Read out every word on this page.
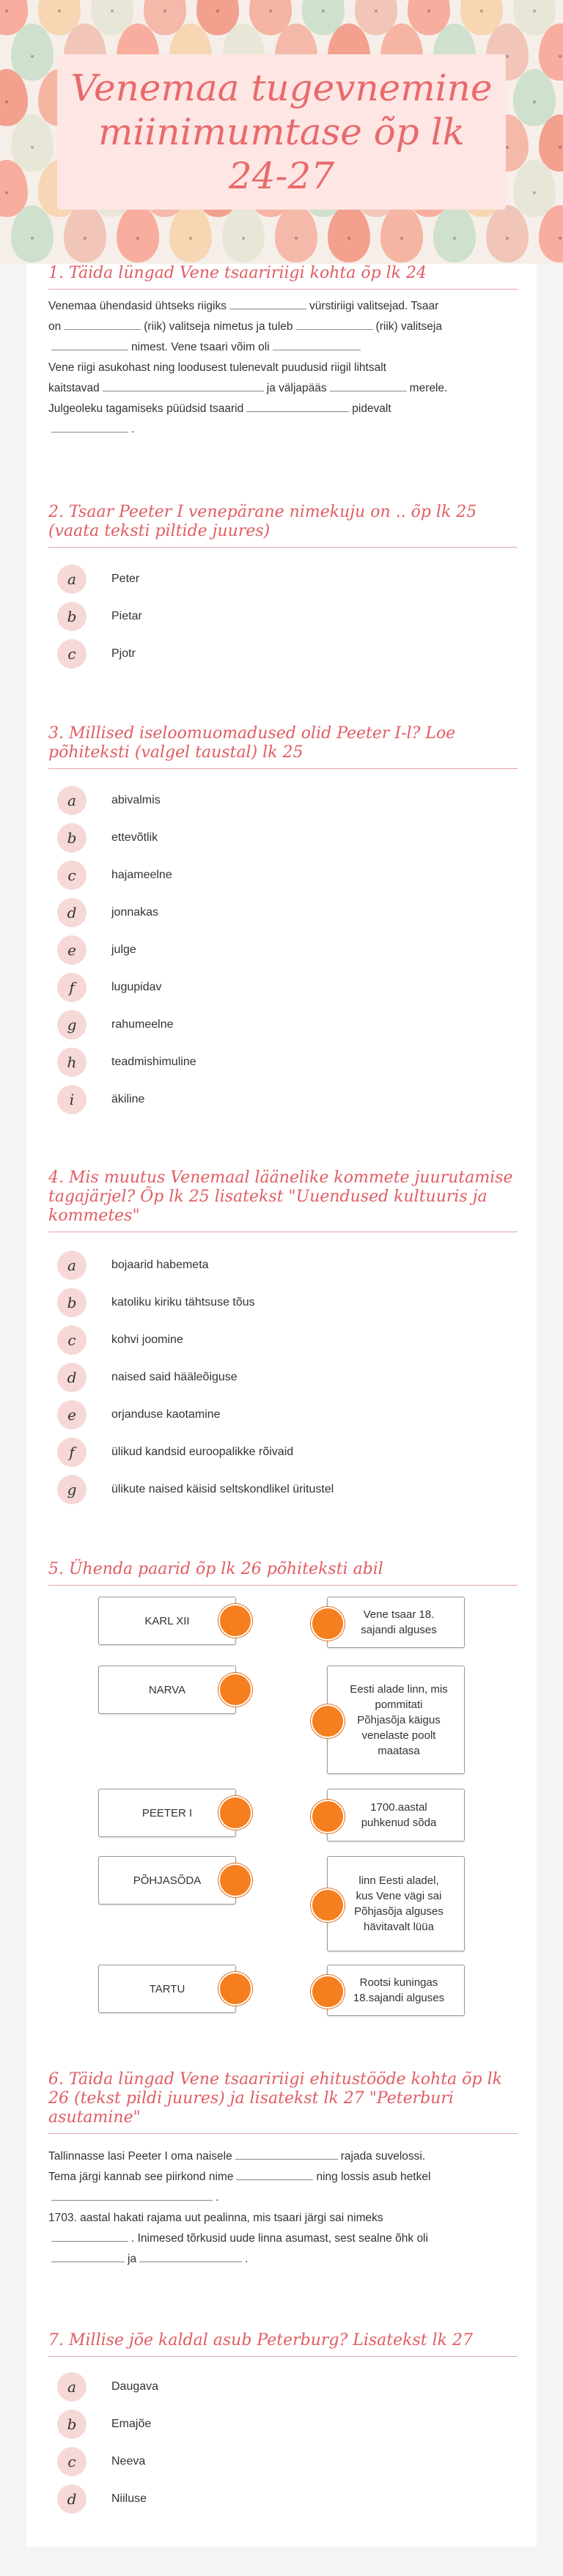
Venemaa tugevnemine miinimumtase õp lk 24-27
1. Täida lüngad Vene tsaaririigi kohta õp lk 24
Venemaa ühendasid ühtseks riigiks	vürstiriigi valitsejad. Tsaar
on	(riik) valitseja nimetus ja tuleb	(riik) valitseja
nimest. Vene tsaari võim oli
Vene riigi asukohast ning loodusest tulenevalt puudusid riigil lihtsalt
kaitstavad	ja väljapääs	merele.
Julgeoleku tagamiseks püüdsid tsaarid	pidevalt
.
2. Tsaar Peeter I venepärane nimekuju on .. õp lk 25 (vaata teksti piltide juures)
a	Peter
b	Pietar
c	Pjotr
3. Millised iseloomuomadused olid Peeter I-l? Loe põhiteksti (valgel taustal) lk 25
a	abivalmis
b	ettevõtlik
c	hajameelne
d	jonnakas
e	julge
f	lugupidav
g	rahumeelne
h	teadmishimuline
i	äkiline
4. Mis muutus Venemaal läänelike kommete juurutamise tagajärjel? Õp lk 25 lisatekst "Uuendused kultuuris ja kommetes"
a	bojaarid habemeta
b	katoliku kiriku tähtsuse tõus
c	kohvi joomine
d	naised said hääleõiguse
e	orjanduse kaotamine
f	ülikud kandsid euroopalikke rõivaid
g	ülikute naised käisid seltskondlikel üritustel
5. Ühenda paarid õp lk 26 põhiteksti abil
KARL XII
NARVA
PEETER I
PÕHJASÕDA
TARTU
Vene tsaar 18. sajandi alguses
Eesti alade linn, mis pommitati Põhjasõja käigus venelaste poolt maatasa
1700.aastal puhkenud sõda
linn Eesti aladel, kus Vene vägi sai Põhjasõja alguses hävitavalt lüüa
Rootsi kuningas 18.sajandi alguses
6. Täida lüngad Vene tsaaririigi ehitustööde kohta õp lk 26 (tekst pildi juures) ja lisatekst lk 27 "Peterburi asutamine"
Tallinnasse lasi Peeter I oma naisele	rajada suvelossi.
Tema järgi kannab see piirkond nime	ning lossis asub hetkel
.
1703. aastal hakati rajama uut pealinna, mis tsaari järgi sai nimeks
. Inimesed tõrkusid uude linna asumast, sest sealne õhk oli
ja	.
7. Millise jõe kaldal asub Peterburg? Lisatekst lk 27
a	Daugava
b	Emajõe
c	Neeva
d	Niiluse
